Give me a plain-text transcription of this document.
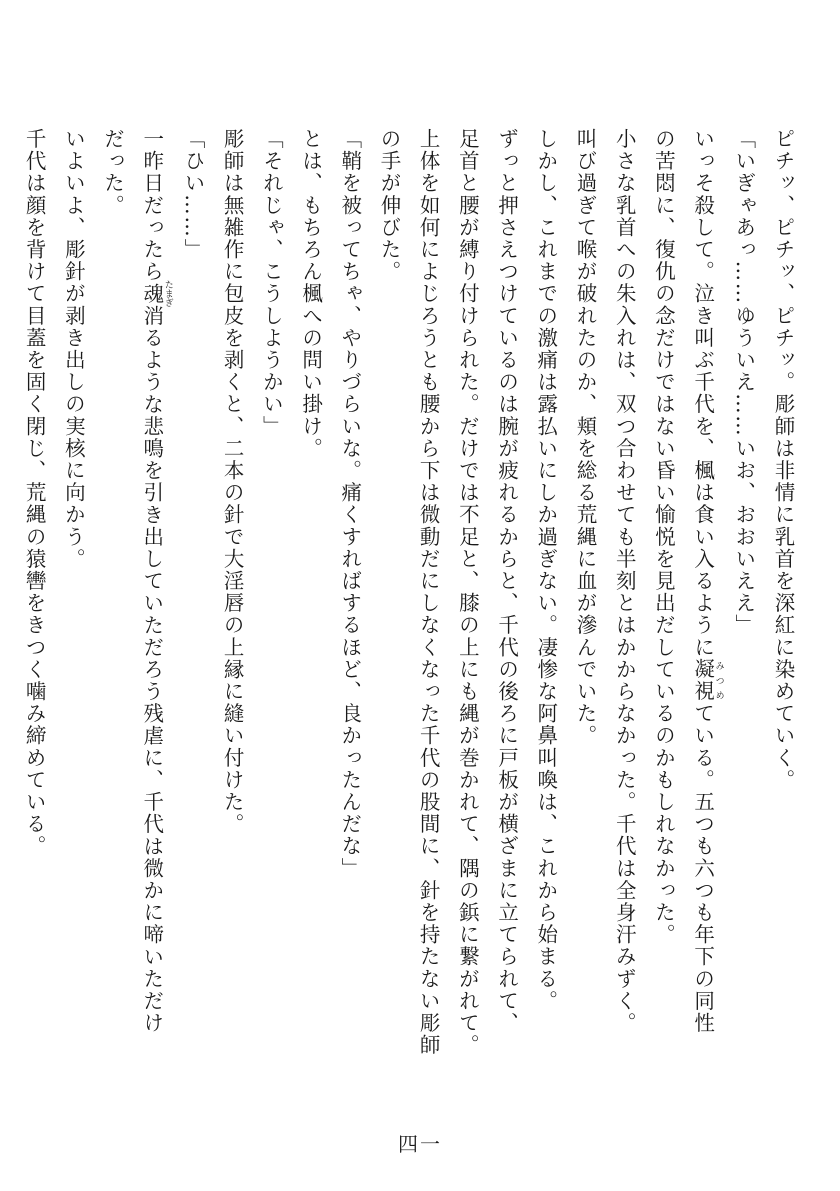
ピチッ、ピチッ、ピチッ。彫師は非情に乳首を深紅に染めていく。

「いぎゃあっ……ゆういえ……いお、おおいええ」

いっそ殺して。泣き叫ぶ千代を、楓は食い入るように凝視 みつめている。五つも六つも年下の同性

の苦悶に、復仇の念だけではない昏い愉悦を見出だしているのかもしれなかった。

小さな乳首への朱入れは、双つ合わせても半刻とはかからなかった。千代は全身汗みずく。

叫び過ぎて喉が破れたのか、頬を総る荒縄に血が滲んでいた。

しかし、これまでの激痛は露払いにしか過ぎない。凄惨な阿鼻叫喚は、これから始まる。

ずっと押さえつけているのは腕が疲れるからと、千代の後ろに戸板が横ざまに立てられて、

足首と腰が縛り付けられた。だけでは不足と、膝の上にも縄が巻かれて、隅の鋲に繋がれて。

上体を如何によじろうとも腰から下は微動だにしなくなった千代の股間に、針を持たない彫師

の手が伸びた。

「鞘を被ってちゃ、やりづらいな。痛くすればするほど、良かったんだな」

とは、もちろん楓への問い掛け。

「それじゃ、こうしようかい」

彫師は無雑作に包皮を剥くと、二本の針で大淫唇の上縁に縫い付けた。

「ひい……」

一昨日だったら魂 たまぎ消るような悲鳴を引き出していただろう残虐に、千代は微かに啼いただけ

だった。

いよいよ、彫針が剥き出しの実核に向かう。

千代は顔を背けて目蓋を固く閉じ、荒縄の猿轡をきつく噛み締めている。

四一
